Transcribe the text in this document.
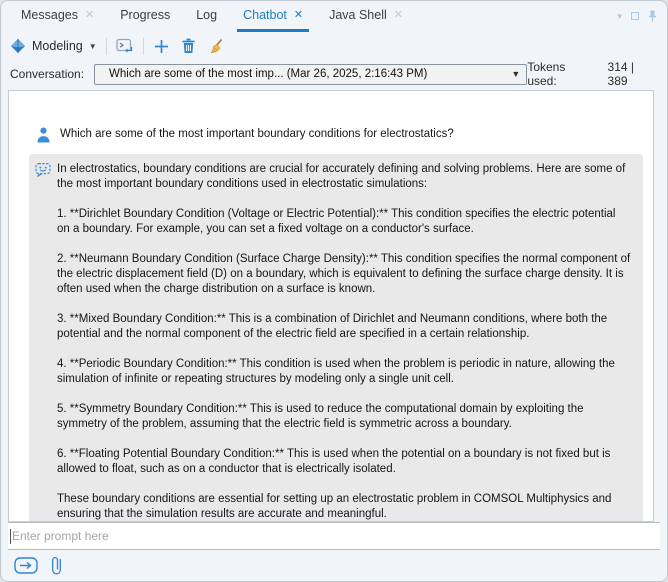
Messages ✕ Progress Log Chatbot ✕ Java Shell ✕	▾
Modeling ▼
Conversation: Which are some of the most imp... (Mar 26, 2025, 2:16:43 PM)	▼ Tokens used:
314 | 389
Which are some of the most important boundary conditions for electrostatics?

In electrostatics, boundary conditions are crucial for accurately defining and solving problems. Here are some of the most important boundary conditions used in electrostatic simulations:

1. **Dirichlet Boundary Condition (Voltage or Electric Potential):** This condition specifies the electric potential on a boundary. For example, you can set a fixed voltage on a conductor's surface.

2. **Neumann Boundary Condition (Surface Charge Density):** This condition specifies the normal component of the electric displacement field (D) on a boundary, which is equivalent to defining the surface charge density. It is often used when the charge distribution on a surface is known.

3. **Mixed Boundary Condition:** This is a combination of Dirichlet and Neumann conditions, where both the potential and the normal component of the electric field are specified in a certain relationship.

4. **Periodic Boundary Condition:** This condition is used when the problem is periodic in nature, allowing the simulation of infinite or repeating structures by modeling only a single unit cell.

5. **Symmetry Boundary Condition:** This is used to reduce the computational domain by exploiting the symmetry of the problem, assuming that the electric field is symmetric across a boundary.

6. **Floating Potential Boundary Condition:** This is used when the potential on a boundary is not fixed but is allowed to float, such as on a conductor that is electrically isolated.

These boundary conditions are essential for setting up an electrostatic problem in COMSOL Multiphysics and ensuring that the simulation results are accurate and meaningful.

Enter prompt here
